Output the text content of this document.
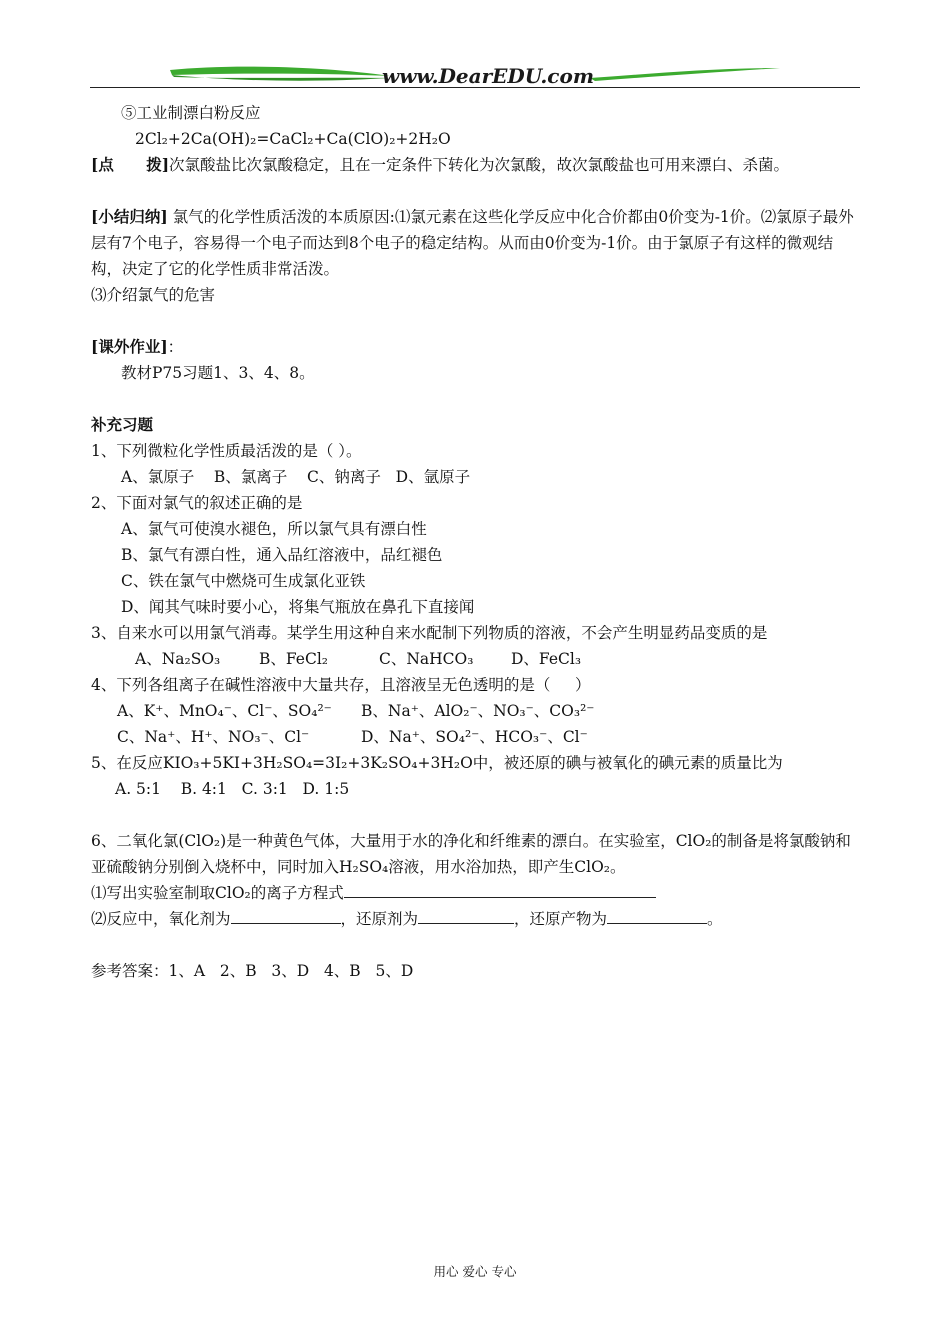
www.DearEDU.com
⑤工业制漂白粉反应
2Cl₂+2Ca(OH)₂=CaCl₂+Ca(ClO)₂+2H₂O
[点      拨]次氯酸盐比次氯酸稳定，且在一定条件下转化为次氯酸，故次氯酸盐也可用来漂白、杀菌。
[小结归纳] 氯气的化学性质活泼的本质原因:⑴氯元素在这些化学反应中化合价都由0价变为-1价。⑵氯原子最外层有7个电子，容易得一个电子而达到8个电子的稳定结构。从而由0价变为-1价。由于氯原子有这样的微观结构，决定了它的化学性质非常活泼。
⑶介绍氯气的危害
[课外作业]：
教材P75习题1、3、4、8。
补充习题
1、下列微粒化学性质最活泼的是（ ）。
A、氯原子    B、氯离子    C、钠离子   D、氩原子
2、下面对氯气的叙述正确的是
A、氯气可使溴水褪色，所以氯气具有漂白性
B、氯气有漂白性，通入品红溶液中，品红褪色
C、铁在氯气中燃烧可生成氯化亚铁
D、闻其气味时要小心，将集气瓶放在鼻孔下直接闻
3、自来水可以用氯气消毒。某学生用这种自来水配制下列物质的溶液，不会产生明显药品变质的是
A、Na₂SO₃ B、FeCl₂	C、NaHCO₃ D、FeCl₃
4、下列各组离子在碱性溶液中大量共存，且溶液呈无色透明的是（     ）
A、K⁺、MnO₄⁻、Cl⁻、SO₄²⁻ B、Na⁺、AlO₂⁻、NO₃⁻、CO₃²⁻
C、Na⁺、H⁺、NO₃⁻、Cl⁻	D、Na⁺、SO₄²⁻、HCO₃⁻、Cl⁻
5、在反应KIO₃+5KI+3H₂SO₄=3I₂+3K₂SO₄+3H₂O中，被还原的碘与被氧化的碘元素的质量比为
A. 5:1    B. 4:1   C. 3:1   D. 1:5
6、二氧化氯(ClO₂)是一种黄色气体，大量用于水的净化和纤维素的漂白。在实验室，ClO₂的制备是将氯酸钠和亚硫酸钠分别倒入烧杯中，同时加入H₂SO₄溶液，用水浴加热，即产生ClO₂。
⑴写出实验室制取ClO₂的离子方程式
⑵反应中，氧化剂为	，还原剂为	，还原产物为	。
参考答案：1、A   2、B   3、D   4、B   5、D
用心 爱心 专心
